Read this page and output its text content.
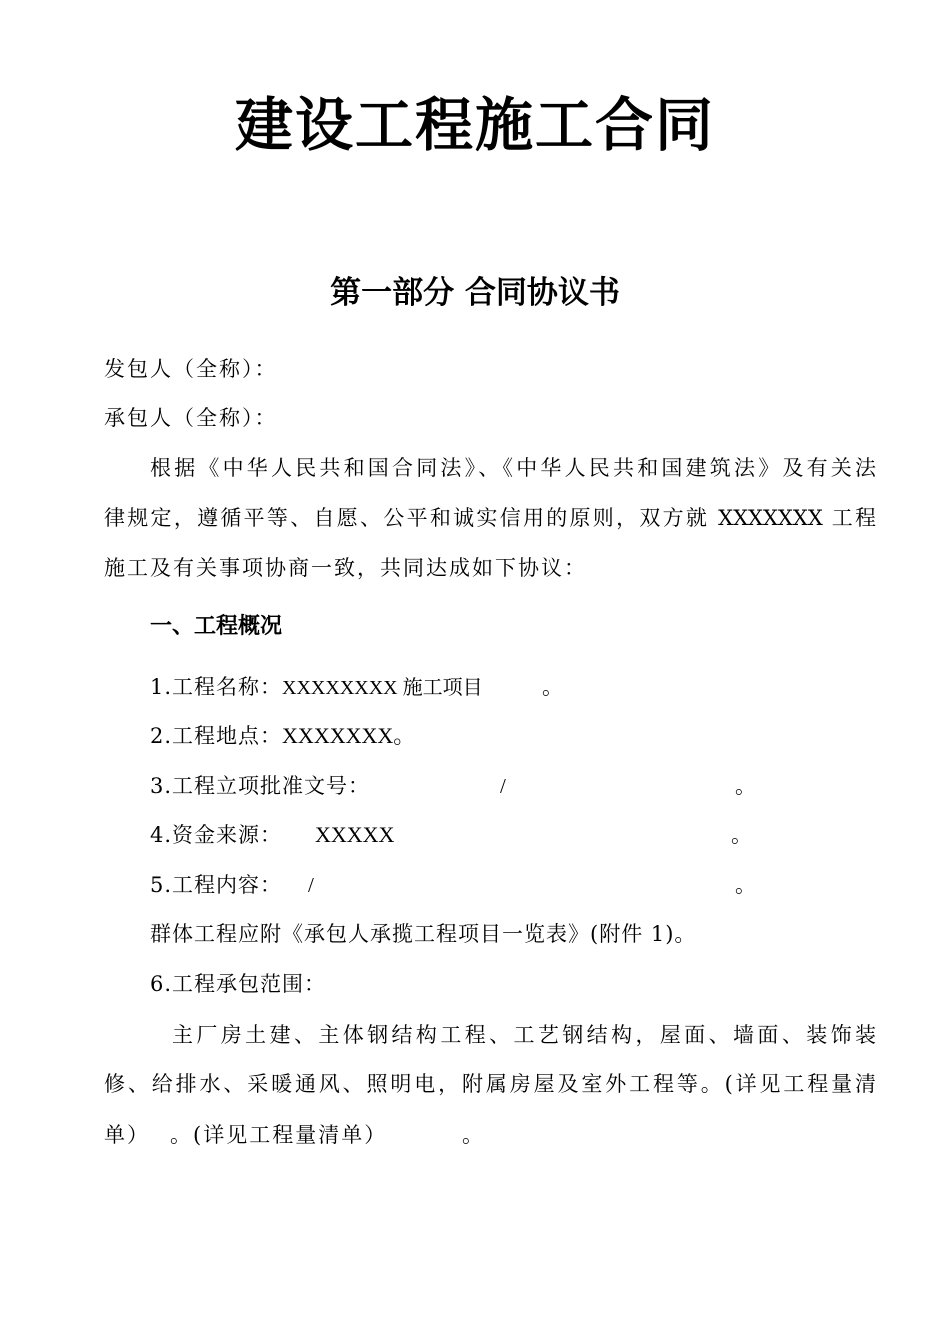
建设工程施工合同
第一部分 合同协议书
发包人（全称）：
承包人（全称）：
根据《中华人民共和国合同法》、《中华人民共和国建筑法》及有关法
律规定，遵循平等、自愿、公平和诚实信用的原则，双方就 XXXXXXX 工程
施工及有关事项协商一致，共同达成如下协议：
一、工程概况
1.工程名称：XXXXXXXX 施工项目	。
2.工程地点：XXXXXXX。
3.工程立项批准文号：	/	。
4.资金来源： XXXXX	。
5.工程内容： /	。
群体工程应附《承包人承揽工程项目一览表》(附件 1)。
6.工程承包范围：
主厂房土建、主体钢结构工程、工艺钢结构，屋面、墙面、装饰装
修、给排水、采暖通风、照明电，附属房屋及室外工程等。(详见工程量清
单） 。(详见工程量清单）	。
